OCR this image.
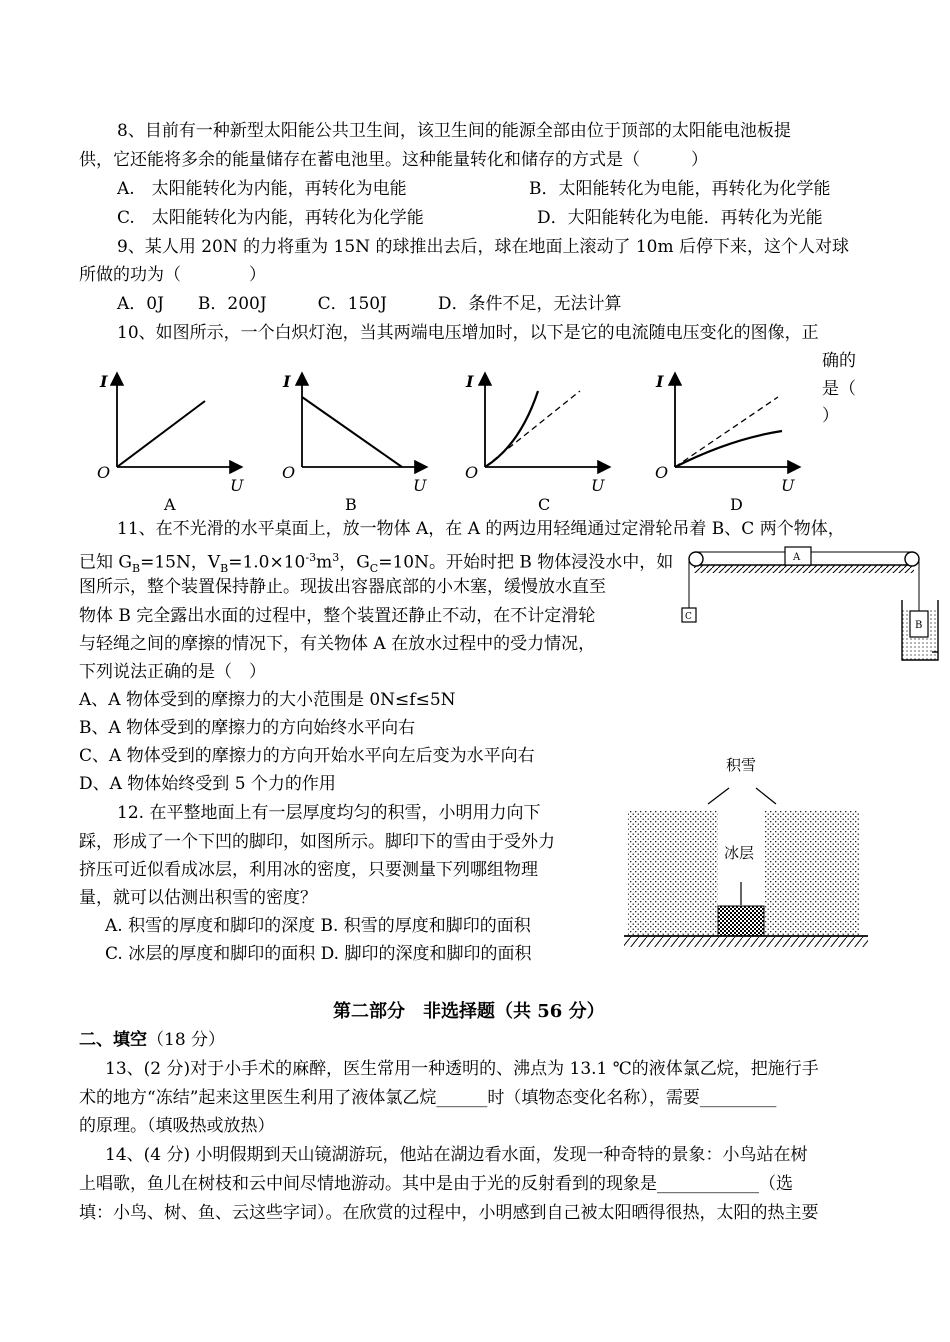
8、目前有一种新型太阳能公共卫生间，该卫生间的能源全部由位于顶部的太阳能电池板提
供，它还能将多余的能量储存在蓄电池里。这种能量转化和储存的方式是（　　　）
A.　太阳能转化为内能，再转化为电能	B．太阳能转化为电能，再转化为化学能
C.　太阳能转化为内能，再转化为化学能	D．大阳能转化为电能．再转化为光能
9、某人用 20N 的力将重为 15N 的球推出去后，球在地面上滚动了 10m 后停下来，这个人对球
所做的功为（　　　　）
A．0J　　B．200J　　　C．150J　　　D．条件不足，无法计算
10、如图所示，一个白炽灯泡，当其两端电压增加时，以下是它的电流随电压变化的图像，正
确的
是（
）
I
O
U
A
I
O
U
B
I
O
U
C
I
O
U
D
11、在不光滑的水平桌面上，放一物体 A，在 A 的两边用轻绳通过定滑轮吊着 B、C 两个物体，
已知 $G_B=15N$，$V_B=1.0\times 10^{-3}m^3$，$G_C=10N$。开始时把 B 物体浸没水中，如
图所示，整个装置保持静止。现拔出容器底部的小木塞，缓慢放水直至
物体 B 完全露出水面的过程中，整个装置还静止不动，在不计定滑轮
与轻绳之间的摩擦的情况下，有关物体 A 在放水过程中的受力情况，
下列说法正确的是（　）
A、A 物体受到的摩擦力的大小范围是 0N≤f≤5N
B、A 物体受到的摩擦力的方向始终水平向右
C、A 物体受到的摩擦力的方向开始水平向左后变为水平向右
D、A 物体始终受到 5 个力的作用
A
C
B
12. 在平整地面上有一层厚度均匀的积雪，小明用力向下
踩，形成了一个下凹的脚印，如图所示。脚印下的雪由于受外力
挤压可近似看成冰层，利用冰的密度，只要测量下列哪组物理
量，就可以估测出积雪的密度？
A. 积雪的厚度和脚印的深度 B. 积雪的厚度和脚印的面积
C. 冰层的厚度和脚印的面积 D. 脚印的深度和脚印的面积
积雪
冰层
第二部分　非选择题（共 56 分）
二、填空（18 分）
13、(2 分)对于小手术的麻醉，医生常用一种透明的、沸点为 13.1 ℃的液体氯乙烷，把施行手
术的地方“冻结”起来这里医生利用了液体氯乙烷______时（填物态变化名称），需要_________
的原理。（填吸热或放热）
14、(4 分) 小明假期到天山镜湖游玩，他站在湖边看水面，发现一种奇特的景象：小鸟站在树
上唱歌，鱼儿在树枝和云中间尽情地游动。其中是由于光的反射看到的现象是____________（选
填：小鸟、树、鱼、云这些字词）。在欣赏的过程中，小明感到自己被太阳晒得很热，太阳的热主要
